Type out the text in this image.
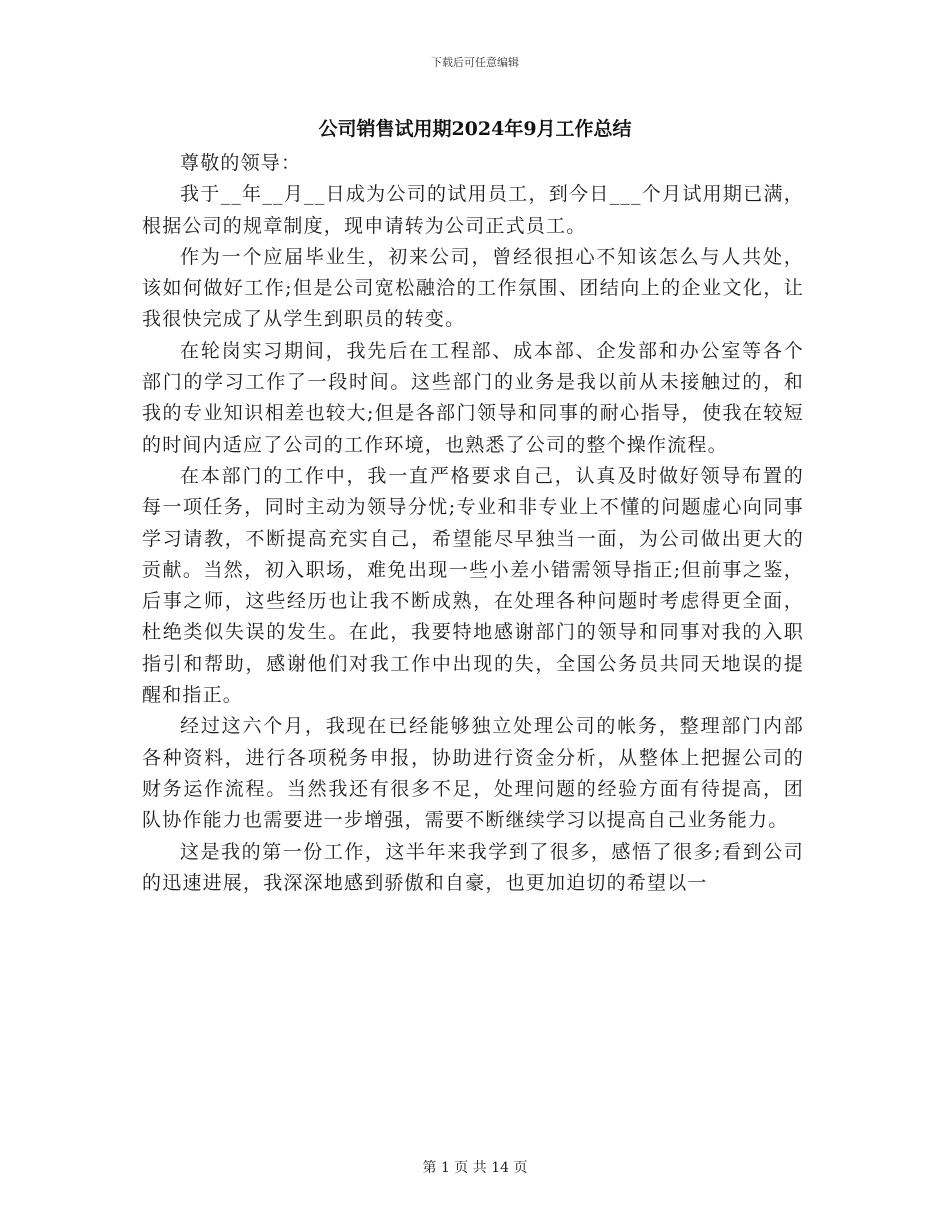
下载后可任意编辑
公司销售试用期2024年9月工作总结

尊敬的领导：

我于__年__月__日成为公司的试用员工，到今日___个月试用期已满，根据公司的规章制度，现申请转为公司正式员工。

作为一个应届毕业生，初来公司，曾经很担心不知该怎么与人共处，该如何做好工作;但是公司宽松融洽的工作氛围、团结向上的企业文化，让我很快完成了从学生到职员的转变。

在轮岗实习期间，我先后在工程部、成本部、企发部和办公室等各个部门的学习工作了一段时间。这些部门的业务是我以前从未接触过的，和我的专业知识相差也较大;但是各部门领导和同事的耐心指导，使我在较短的时间内适应了公司的工作环境，也熟悉了公司的整个操作流程。

在本部门的工作中，我一直严格要求自己，认真及时做好领导布置的每一项任务，同时主动为领导分忧;专业和非专业上不懂的问题虚心向同事学习请教，不断提高充实自己，希望能尽早独当一面，为公司做出更大的贡献。当然，初入职场，难免出现一些小差小错需领导指正;但前事之鉴，后事之师，这些经历也让我不断成熟，在处理各种问题时考虑得更全面，杜绝类似失误的发生。在此，我要特地感谢部门的领导和同事对我的入职指引和帮助，感谢他们对我工作中出现的失，全国公务员共同天地误的提醒和指正。

经过这六个月，我现在已经能够独立处理公司的帐务，整理部门内部各种资料，进行各项税务申报，协助进行资金分析，从整体上把握公司的财务运作流程。当然我还有很多不足，处理问题的经验方面有待提高，团队协作能力也需要进一步增强，需要不断继续学习以提高自己业务能力。

这是我的第一份工作，这半年来我学到了很多，感悟了很多;看到公司的迅速进展，我深深地感到骄傲和自豪，也更加迫切的希望以一

第 1 页 共 14 页
